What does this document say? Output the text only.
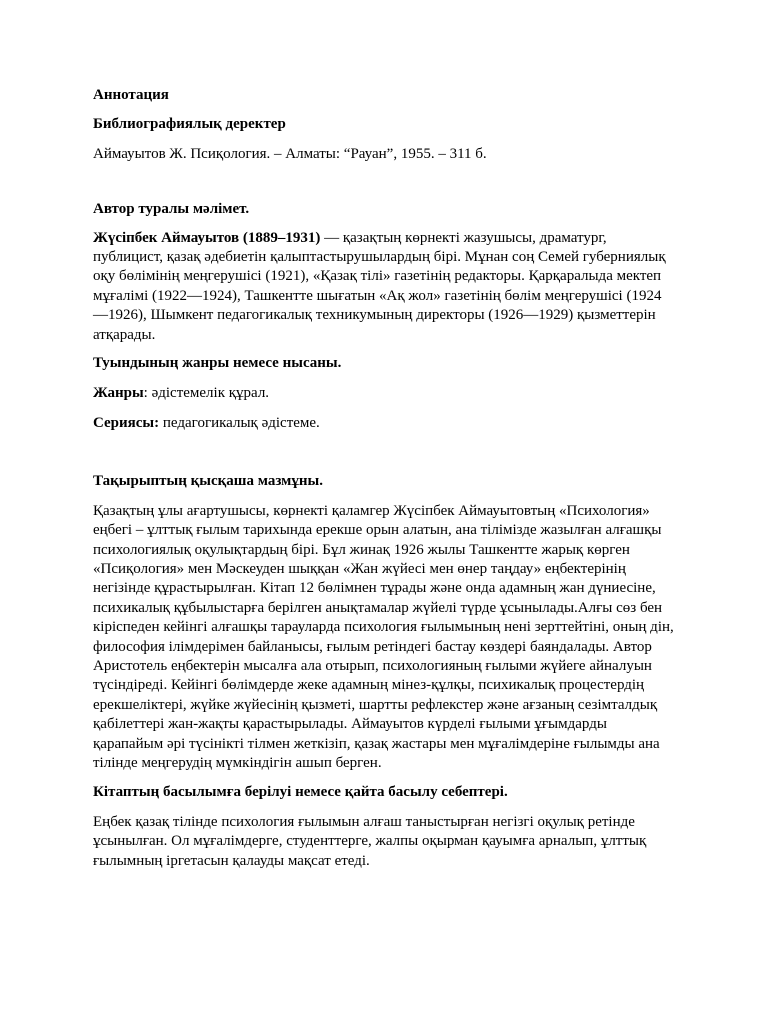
Аннотация

Библиографиялық деректер

Аймауытов Ж. Псиқология. – Алматы: “Рауан”, 1955. – 311 б.

Автор туралы мәлімет.

Жүсіпбек Аймауытов (1889–1931) — қазақтың көрнекті жазушысы, драматург, публицист, қазақ әдебиетін қалыптастырушылардың бірі. Мұнан соң Семей губерниялық оқу бөлімінің меңгерушісі (1921), «Қазақ тілі» газетінің редакторы. Қарқаралыда мектеп мұғалімі (1922—1924), Ташкентте шығатын «Ақ жол» газетінің бөлім меңгерушісі (1924—1926), Шымкент педагогикалық техникумының директоры (1926—1929) қызметтерін атқарады.

Туындының жанры немесе нысаны.

Жанры: әдістемелік құрал.

Сериясы: педагогикалық әдістеме.

Тақырыптың қысқаша мазмұны.

Қазақтың ұлы ағартушысы, көрнекті қаламгер Жүсіпбек Аймауытовтың «Психология» еңбегі – ұлттық ғылым тарихында ерекше орын алатын, ана тілімізде жазылған алғашқы психологиялық оқулықтардың бірі. Бұл жинақ 1926 жылы Ташкентте жарық көрген «Псиқология» мен Мәскеуден шыққан «Жан жүйесі мен өнер таңдау» еңбектерінің негізінде құрастырылған. Кітап 12 бөлімнен тұрады және онда адамның жан дүниесіне, психикалық құбылыстарға берілген анықтамалар жүйелі түрде ұсынылады.Алғы сөз бен кіріспеден кейінгі алғашқы тарауларда психология ғылымының нені зерттейтіні, оның дін, философия ілімдерімен байланысы, ғылым ретіндегі бастау көздері баяндалады. Автор Аристотель еңбектерін мысалға ала отырып, психологияның ғылыми жүйеге айналуын түсіндіреді. Кейінгі бөлімдерде жеке адамның мінез-құлқы, психикалық процестердің ерекшеліктері, жүйке жүйесінің қызметі, шартты рефлекстер және ағзаның сезімталдық қабілеттері жан-жақты қарастырылады. Аймауытов күрделі ғылыми ұғымдарды қарапайым әрі түсінікті тілмен жеткізіп, қазақ жастары мен мұғалімдеріне ғылымды ана тілінде меңгерудің мүмкіндігін ашып берген.

Кітаптың басылымға берілуі немесе қайта басылу себептері.

Еңбек қазақ тілінде психология ғылымын алғаш таныстырған негізгі оқулық ретінде ұсынылған. Ол мұғалімдерге, студенттерге, жалпы оқырман қауымға арналып, ұлттық ғылымның іргетасын қалауды мақсат етеді.
